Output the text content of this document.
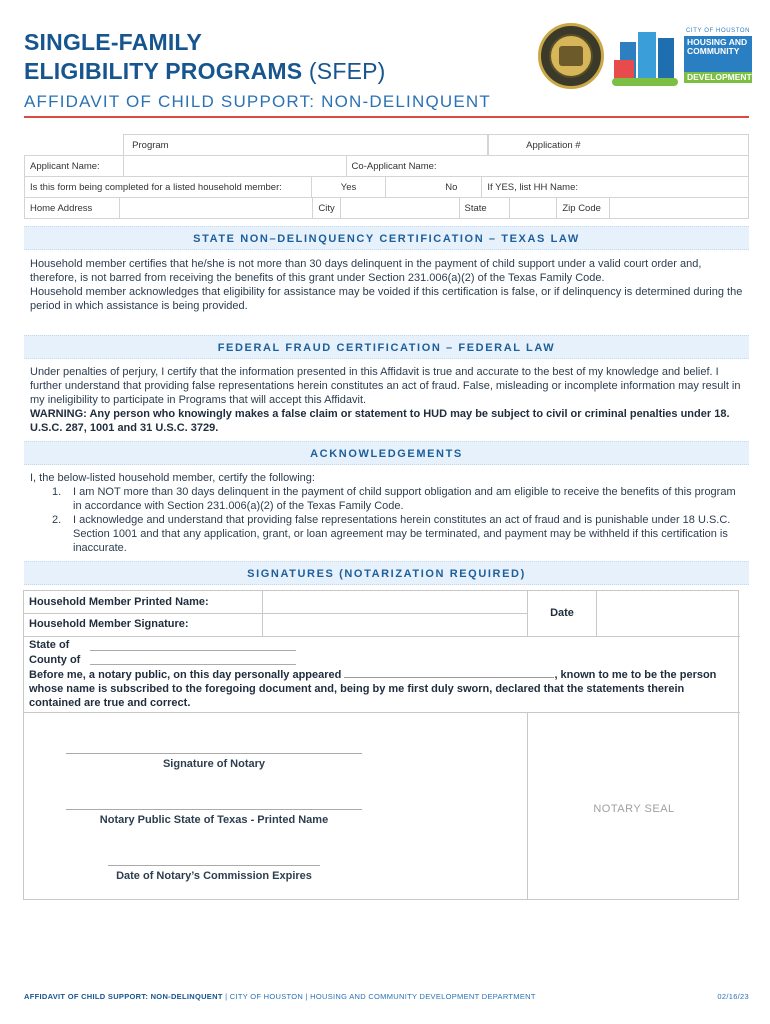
SINGLE-FAMILY
ELIGIBILITY PROGRAMS (SFEP)
AFFIDAVIT OF CHILD SUPPORT: NON-DELINQUENT
CITY OF HOUSTON
HOUSING AND
COMMUNITY
DEVELOPMENT
Program		Application #
Applicant Name:		Co-Applicant Name:
Is this form being completed for a listed household member:	Yes	No	If YES, list HH Name:
Home Address		City		State		Zip Code	
STATE NON–DELINQUENCY CERTIFICATION – TEXAS LAW
Household member certifies that he/she is not more than 30 days delinquent in the payment of child support under a valid court order and, therefore, is not barred from receiving the benefits of this grant under Section 231.006(a)(2) of the Texas Family Code.
Household member acknowledges that eligibility for assistance may be voided if this certification is false, or if delinquency is determined during the period in which assistance is being provided.
FEDERAL FRAUD CERTIFICATION – FEDERAL LAW
Under penalties of perjury, I certify that the information presented in this Affidavit is true and accurate to the best of my knowledge and belief. I further understand that providing false representations herein constitutes an act of fraud. False, misleading or incomplete information may result in my ineligibility to participate in Programs that will accept this Affidavit.
WARNING: Any person who knowingly makes a false claim or statement to HUD may be subject to civil or criminal penalties under 18. U.S.C. 287, 1001 and 31 U.S.C. 3729.
ACKNOWLEDGEMENTS
I, the below-listed household member, certify the following:
1. I am NOT more than 30 days delinquent in the payment of child support obligation and am eligible to receive the benefits of this program in accordance with Section 231.006(a)(2) of the Texas Family Code.
2. I acknowledge and understand that providing false representations herein constitutes an act of fraud and is punishable under 18 U.S.C. Section 1001 and that any application, grant, or loan agreement may be terminated, and payment may be withheld if this certification is inaccurate.
SIGNATURES (NOTARIZATION REQUIRED)
Household Member Printed Name:
Household Member Signature:
Date
State of
County of
Before me, a notary public, on this day personally appeared	, known to me to be the person whose name is subscribed to the foregoing document and, being by me first duly sworn, declared that the statements therein contained are true and correct.
Signature of Notary
Notary Public State of Texas - Printed Name
Date of Notary’s Commission Expires
NOTARY SEAL
AFFIDAVIT OF CHILD SUPPORT: NON-DELINQUENT | CITY OF HOUSTON | HOUSING AND COMMUNITY DEVELOPMENT DEPARTMENT	02/16/23
